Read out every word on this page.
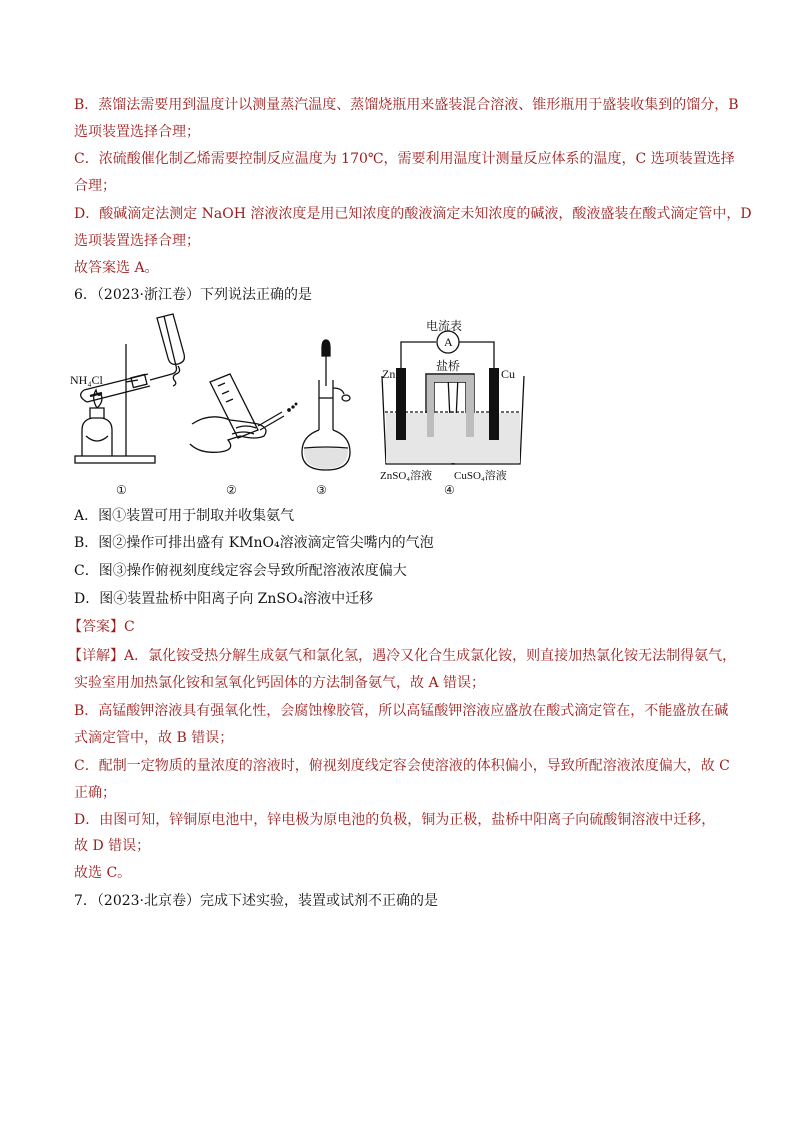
B．蒸馏法需要用到温度计以测量蒸汽温度、蒸馏烧瓶用来盛装混合溶液、锥形瓶用于盛装收集到的馏分，B
选项装置选择合理；
C．浓硫酸催化制乙烯需要控制反应温度为 170℃，需要利用温度计测量反应体系的温度，C 选项装置选择
合理；
D．酸碱滴定法测定 NaOH 溶液浓度是用已知浓度的酸液滴定未知浓度的碱液，酸液盛装在酸式滴定管中，D
选项装置选择合理；
故答案选 A。
6．（2023·浙江卷）下列说法正确的是
NH₄Cl
电流表
A
Zn	Cu
盐桥
ZnSO₄溶液 CuSO₄溶液
①	②	③	④
A．图①装置可用于制取并收集氨气
B．图②操作可排出盛有 KMnO₄溶液滴定管尖嘴内的气泡
C．图③操作俯视刻度线定容会导致所配溶液浓度偏大
D．图④装置盐桥中阳离子向 ZnSO₄溶液中迁移
【答案】C
【详解】A．氯化铵受热分解生成氨气和氯化氢，遇冷又化合生成氯化铵，则直接加热氯化铵无法制得氨气，
实验室用加热氯化铵和氢氧化钙固体的方法制备氨气，故 A 错误；
B．高锰酸钾溶液具有强氧化性，会腐蚀橡胶管，所以高锰酸钾溶液应盛放在酸式滴定管在，不能盛放在碱
式滴定管中，故 B 错误；
C．配制一定物质的量浓度的溶液时，俯视刻度线定容会使溶液的体积偏小，导致所配溶液浓度偏大，故 C
正确；
D．由图可知，锌铜原电池中，锌电极为原电池的负极，铜为正极，盐桥中阳离子向硫酸铜溶液中迁移，
故 D 错误；
故选 C。
7．（2023·北京卷）完成下述实验，装置或试剂不正确的是
